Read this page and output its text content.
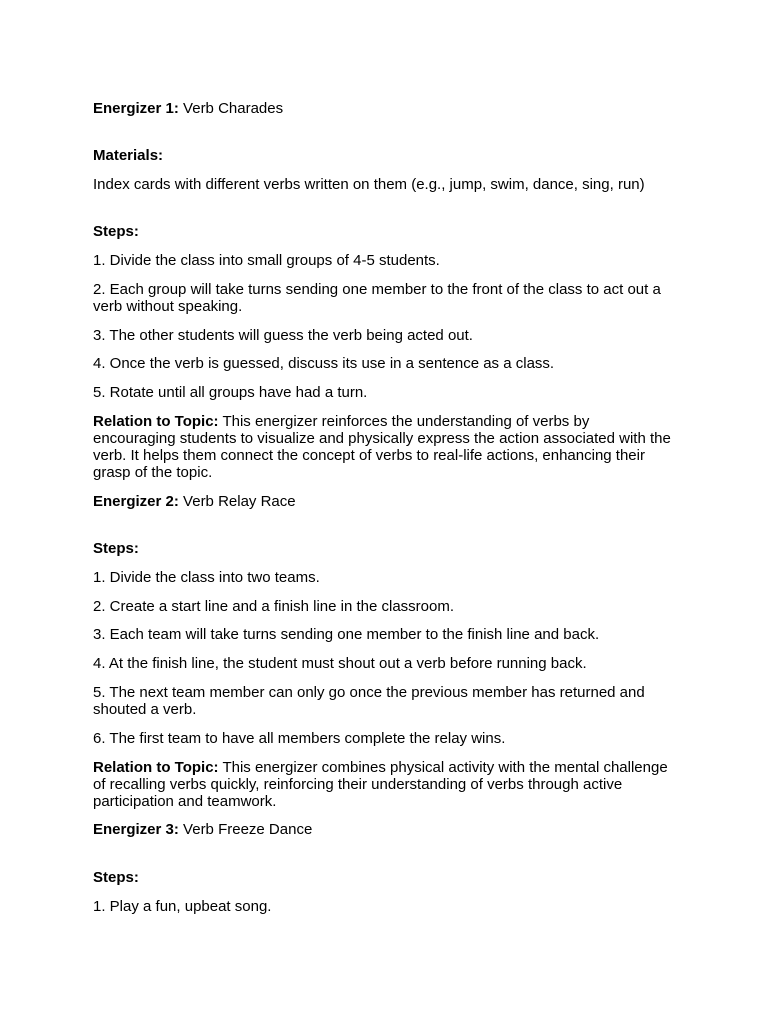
Energizer 1: Verb Charades

Materials:

Index cards with different verbs written on them (e.g., jump, swim, dance, sing, run)

Steps:

1. Divide the class into small groups of 4-5 students.

2. Each group will take turns sending one member to the front of the class to act out a verb without speaking.

3. The other students will guess the verb being acted out.

4. Once the verb is guessed, discuss its use in a sentence as a class.

5. Rotate until all groups have had a turn.

Relation to Topic: This energizer reinforces the understanding of verbs by encouraging students to visualize and physically express the action associated with the verb. It helps them connect the concept of verbs to real-life actions, enhancing their grasp of the topic.

Energizer 2: Verb Relay Race

Steps:

1. Divide the class into two teams.

2. Create a start line and a finish line in the classroom.

3. Each team will take turns sending one member to the finish line and back.

4. At the finish line, the student must shout out a verb before running back.

5. The next team member can only go once the previous member has returned and shouted a verb.

6. The first team to have all members complete the relay wins.

Relation to Topic: This energizer combines physical activity with the mental challenge of recalling verbs quickly, reinforcing their understanding of verbs through active participation and teamwork.

Energizer 3: Verb Freeze Dance

Steps:

1. Play a fun, upbeat song.
